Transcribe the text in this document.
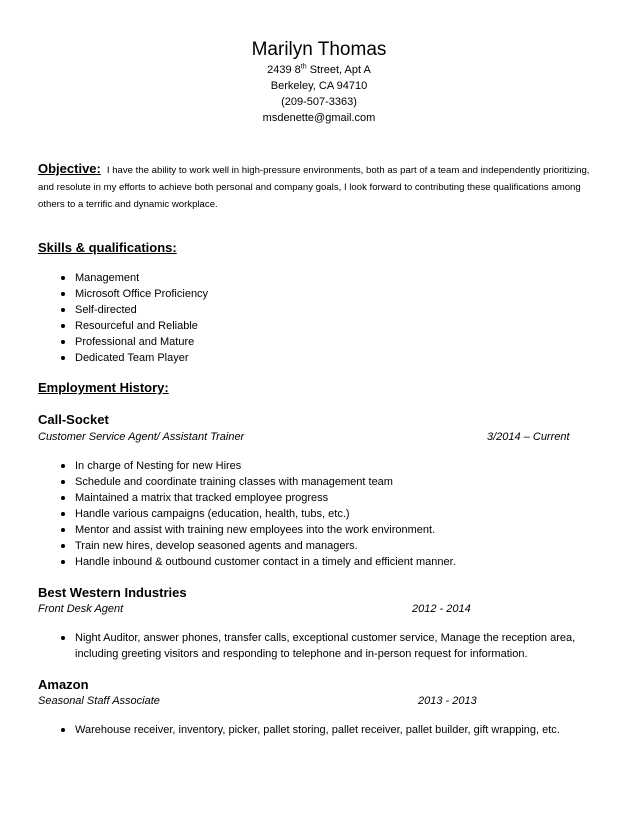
Marilyn Thomas
2439 8th Street, Apt A
Berkeley, CA 94710
(209-507-3363)
msdenette@gmail.com
Objective: I have the ability to work well in high-pressure environments, both as part of a team and independently prioritizing, and resolute in my efforts to achieve both personal and company goals, I look forward to contributing these qualifications among others to a terrific and dynamic workplace.
Skills & qualifications:
Management
Microsoft Office Proficiency
Self-directed
Resourceful and Reliable
Professional and Mature
Dedicated Team Player
Employment History:
Call-Socket
Customer Service Agent/ Assistant Trainer	3/2014 – Current
In charge of Nesting for new Hires
Schedule and coordinate training classes with management team
Maintained a matrix that tracked employee progress
Handle various campaigns (education, health, tubs, etc.)
Mentor and assist with training new employees into the work environment.
Train new hires, develop seasoned agents and managers.
Handle inbound & outbound customer contact in a timely and efficient manner.
Best Western Industries
Front Desk Agent	2012 - 2014
Night Auditor, answer phones, transfer calls, exceptional customer service, Manage the reception area, including greeting visitors and responding to telephone and in-person request for information.
Amazon
Seasonal Staff Associate	2013 - 2013
Warehouse receiver, inventory, picker, pallet storing, pallet receiver, pallet builder, gift wrapping, etc.
